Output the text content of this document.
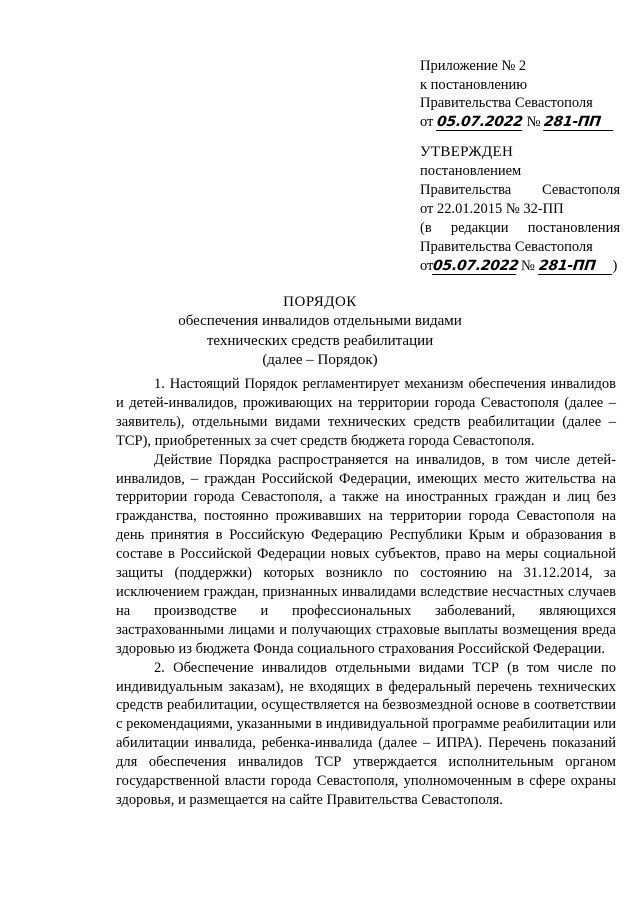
Приложение № 2
к постановлению
Правительства Севастополя
от 05.07.2022 № 281-ПП
УТВЕРЖДЕН
постановлением
Правительства Севастополя
от 22.01.2015 № 32-ПП
(в редакции постановления
Правительства Севастополя
от05.07.2022 № 281-ПП )
ПОРЯДОК
обеспечения инвалидов отдельными видами
технических средств реабилитации
(далее – Порядок)

1. Настоящий Порядок регламентирует механизм обеспечения инвалидов и детей-инвалидов, проживающих на территории города Севастополя (далее – заявитель), отдельными видами технических средств реабилитации (далее – ТСР), приобретенных за счет средств бюджета города Севастополя.

Действие Порядка распространяется на инвалидов, в том числе детей-инвалидов, – граждан Российской Федерации, имеющих место жительства на территории города Севастополя, а также на иностранных граждан и лиц без гражданства, постоянно проживавших на территории города Севастополя на день принятия в Российскую Федерацию Республики Крым и образования в составе в Российской Федерации новых субъектов, право на меры социальной защиты (поддержки) которых возникло по состоянию на 31.12.2014, за исключением граждан, признанных инвалидами вследствие несчастных случаев на производстве и профессиональных заболеваний, являющихся застрахованными лицами и получающих страховые выплаты возмещения вреда здоровью из бюджета Фонда социального страхования Российской Федерации.

2. Обеспечение инвалидов отдельными видами ТСР (в том числе по индивидуальным заказам), не входящих в федеральный перечень технических средств реабилитации, осуществляется на безвозмездной основе в соответствии с рекомендациями, указанными в индивидуальной программе реабилитации или абилитации инвалида, ребенка-инвалида (далее – ИПРА). Перечень показаний для обеспечения инвалидов ТСР утверждается исполнительным органом государственной власти города Севастополя, уполномоченным в сфере охраны здоровья, и размещается на сайте Правительства Севастополя.
